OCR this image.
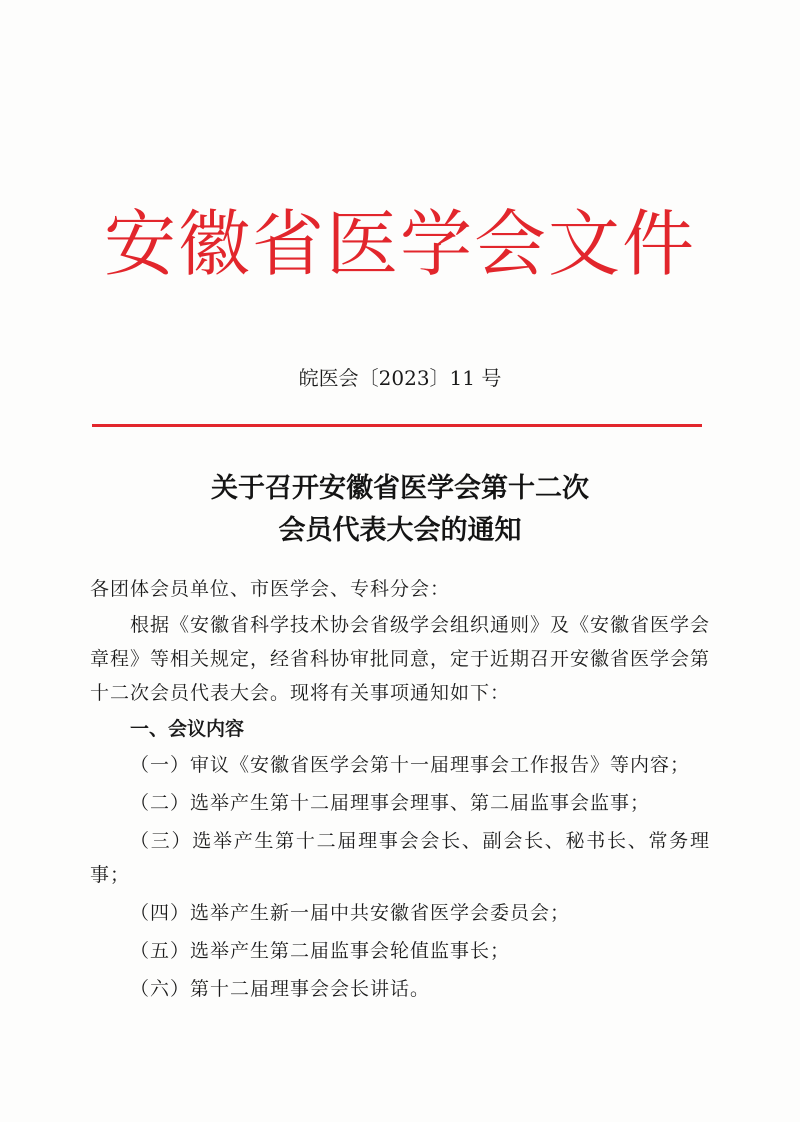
安徽省医学会文件
皖医会〔2023〕11 号
关于召开安徽省医学会第十二次
会员代表大会的通知

各团体会员单位、市医学会、专科分会：

根据《安徽省科学技术协会省级学会组织通则》及《安徽省医学会章程》等相关规定，经省科协审批同意，定于近期召开安徽省医学会第十二次会员代表大会。现将有关事项通知如下：

一、会议内容

（一）审议《安徽省医学会第十一届理事会工作报告》等内容；

（二）选举产生第十二届理事会理事、第二届监事会监事；

（三）选举产生第十二届理事会会长、副会长、秘书长、常务理事；

（四）选举产生新一届中共安徽省医学会委员会；

（五）选举产生第二届监事会轮值监事长；

（六）第十二届理事会会长讲话。
